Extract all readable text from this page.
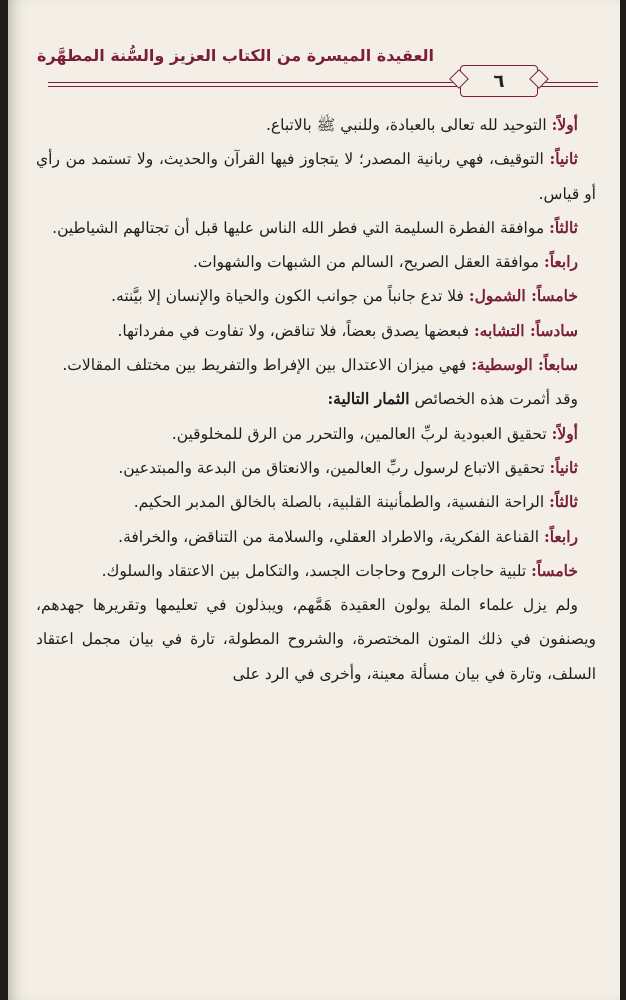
العقيدة الميسرة من الكتاب العزيز والسُّنة المطهَّرة
٦

أولاً: التوحيد لله تعالى بالعبادة، وللنبي ﷺ بالاتباع.

ثانياً: التوقيف، فهي ربانية المصدر؛ لا يتجاوز فيها القرآن والحديث، ولا تستمد من رأي أو قياس.

ثالثاً: موافقة الفطرة السليمة التي فطر الله الناس عليها قبل أن تجتالهم الشياطين.

رابعاً: موافقة العقل الصريح، السالم من الشبهات والشهوات.

خامساً: الشمول: فلا تدع جانباً من جوانب الكون والحياة والإنسان إلا بيَّنته.

سادساً: التشابه: فبعضها يصدق بعضاً، فلا تناقض، ولا تفاوت في مفرداتها.

سابعاً: الوسطية: فهي ميزان الاعتدال بين الإفراط والتفريط بين مختلف المقالات.

وقد أثمرت هذه الخصائص الثمار التالية:

أولاً: تحقيق العبودية لربِّ العالمين، والتحرر من الرق للمخلوقين.

ثانياً: تحقيق الاتباع لرسول ربِّ العالمين، والانعتاق من البدعة والمبتدعين.

ثالثاً: الراحة النفسية، والطمأنينة القلبية، بالصلة بالخالق المدبر الحكيم.

رابعاً: القناعة الفكرية، والاطراد العقلي، والسلامة من التناقض، والخرافة.

خامساً: تلبية حاجات الروح وحاجات الجسد، والتكامل بين الاعتقاد والسلوك.

ولم يزل علماء الملة يولون العقيدة هَمَّهم، ويبذلون في تعليمها وتقريرها جهدهم، ويصنفون في ذلك المتون المختصرة، والشروح المطولة، تارة في بيان مجمل اعتقاد السلف، وتارة في بيان مسألة معينة، وأخرى في الرد على
